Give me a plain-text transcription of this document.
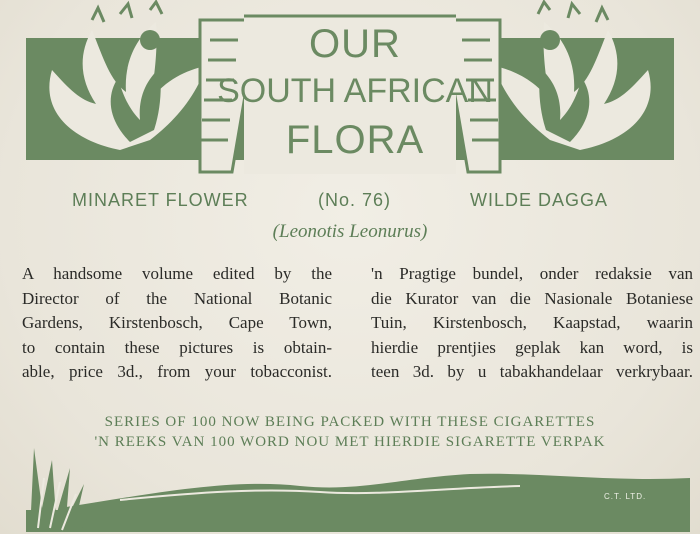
OUR
SOUTH AFRICAN
FLORA
MINARET FLOWER	(No. 76)	WILDE DAGGA
(Leonotis Leonurus)
A handsome volume edited by the
Director of the National Botanic
Gardens, Kirstenbosch, Cape Town,
to contain these pictures is obtain-
able, price 3d., from your tobacconist.
'n Pragtige bundel, onder redaksie van
die Kurator van die Nasionale Botaniese
Tuin, Kirstenbosch, Kaapstad, waarin
hierdie prentjies geplak kan word, is
teen 3d. by u tabakhandelaar verkrybaar.
SERIES OF 100 NOW BEING PACKED WITH THESE CIGARETTES
'N REEKS VAN 100 WORD NOU MET HIERDIE SIGARETTE VERPAK
C.T. LTD.
